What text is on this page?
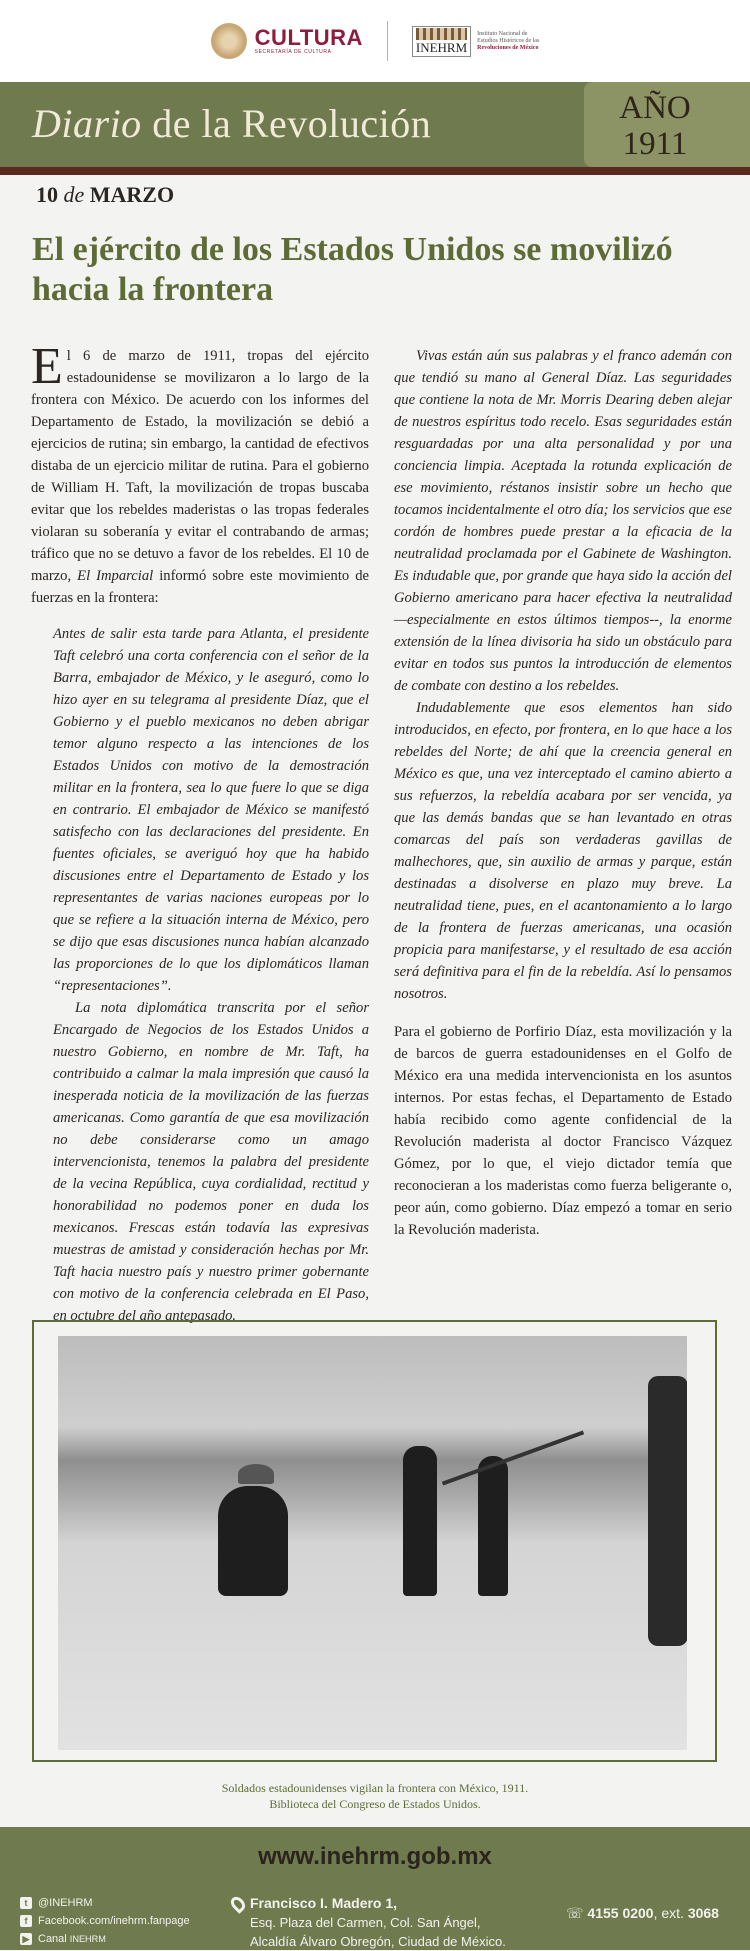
CULTURA
SECRETARÍA DE CULTURA	INEHRM
Instituto Nacional de
Estudios Históricos de las
Revoluciones de México
Diario de la Revolución	AÑO
1911
10 de MARZO
El ejército de los Estados Unidos se movilizó hacia la frontera

El 6 de marzo de 1911, tropas del ejército estadounidense se movilizaron a lo largo de la frontera con México. De acuerdo con los informes del Departamento de Estado, la movilización se debió a ejercicios de rutina; sin embargo, la cantidad de efectivos distaba de un ejercicio militar de rutina. Para el gobierno de William H. Taft, la movilización de tropas buscaba evitar que los rebeldes maderistas o las tropas federales violaran su soberanía y evitar el contrabando de armas; tráfico que no se detuvo a favor de los rebeldes. El 10 de marzo, El Imparcial informó sobre este movimiento de fuerzas en la frontera:

Antes de salir esta tarde para Atlanta, el presidente Taft celebró una corta conferencia con el señor de la Barra, embajador de México, y le aseguró, como lo hizo ayer en su telegrama al presidente Díaz, que el Gobierno y el pueblo mexicanos no deben abrigar temor alguno respecto a las intenciones de los Estados Unidos con motivo de la demostración militar en la frontera, sea lo que fuere lo que se diga en contrario. El embajador de México se manifestó satisfecho con las declaraciones del presidente. En fuentes oficiales, se averiguó hoy que ha habido discusiones entre el Departamento de Estado y los representantes de varias naciones europeas por lo que se refiere a la situación interna de México, pero se dijo que esas discusiones nunca habían alcanzado las proporciones de lo que los diplomáticos llaman “representaciones”.

La nota diplomática transcrita por el señor Encargado de Negocios de los Estados Unidos a nuestro Gobierno, en nombre de Mr. Taft, ha contribuido a calmar la mala impresión que causó la inesperada noticia de la movilización de las fuerzas americanas. Como garantía de que esa movilización no debe considerarse como un amago intervencionista, tenemos la palabra del presidente de la vecina República, cuya cordialidad, rectitud y honorabilidad no podemos poner en duda los mexicanos. Frescas están todavía las expresivas muestras de amistad y consideración hechas por Mr. Taft hacia nuestro país y nuestro primer gobernante con motivo de la conferencia celebrada en El Paso, en octubre del año antepasado.

Vivas están aún sus palabras y el franco ademán con que tendió su mano al General Díaz. Las seguridades que contiene la nota de Mr. Morris Dearing deben alejar de nuestros espíritus todo recelo. Esas seguridades están resguardadas por una alta personalidad y por una conciencia limpia. Aceptada la rotunda explicación de ese movimiento, réstanos insistir sobre un hecho que tocamos incidentalmente el otro día; los servicios que ese cordón de hombres puede prestar a la eficacia de la neutralidad proclamada por el Gabinete de Washington. Es indudable que, por grande que haya sido la acción del Gobierno americano para hacer efectiva la neutralidad —especialmente en estos últimos tiempos--, la enorme extensión de la línea divisoria ha sido un obstáculo para evitar en todos sus puntos la introducción de elementos de combate con destino a los rebeldes.

Indudablemente que esos elementos han sido introducidos, en efecto, por frontera, en lo que hace a los rebeldes del Norte; de ahí que la creencia general en México es que, una vez interceptado el camino abierto a sus refuerzos, la rebeldía acabara por ser vencida, ya que las demás bandas que se han levantado en otras comarcas del país son verdaderas gavillas de malhechores, que, sin auxilio de armas y parque, están destinadas a disolverse en plazo muy breve. La neutralidad tiene, pues, en el acantonamiento a lo largo de la frontera de fuerzas americanas, una ocasión propicia para manifestarse, y el resultado de esa acción será definitiva para el fin de la rebeldía. Así lo pensamos nosotros.

Para el gobierno de Porfirio Díaz, esta movilización y la de barcos de guerra estadounidenses en el Golfo de México era una medida intervencionista en los asuntos internos. Por estas fechas, el Departamento de Estado había recibido como agente confidencial de la Revolución maderista al doctor Francisco Vázquez Gómez, por lo que, el viejo dictador temía que reconocieran a los maderistas como fuerza beligerante o, peor aún, como gobierno. Díaz empezó a tomar en serio la Revolución maderista.

Soldados estadounidenses vigilan la frontera con México, 1911.
Biblioteca del Congreso de Estados Unidos.
www.inehrm.gob.mx
t @INEHRM
f Facebook.com/inehrm.fanpage
▶ Canal INEHRM
Francisco I. Madero 1,
Esq. Plaza del Carmen, Col. San Ángel,
Alcaldía Álvaro Obregón, Ciudad de México.
☏ 4155 0200, ext. 3068
